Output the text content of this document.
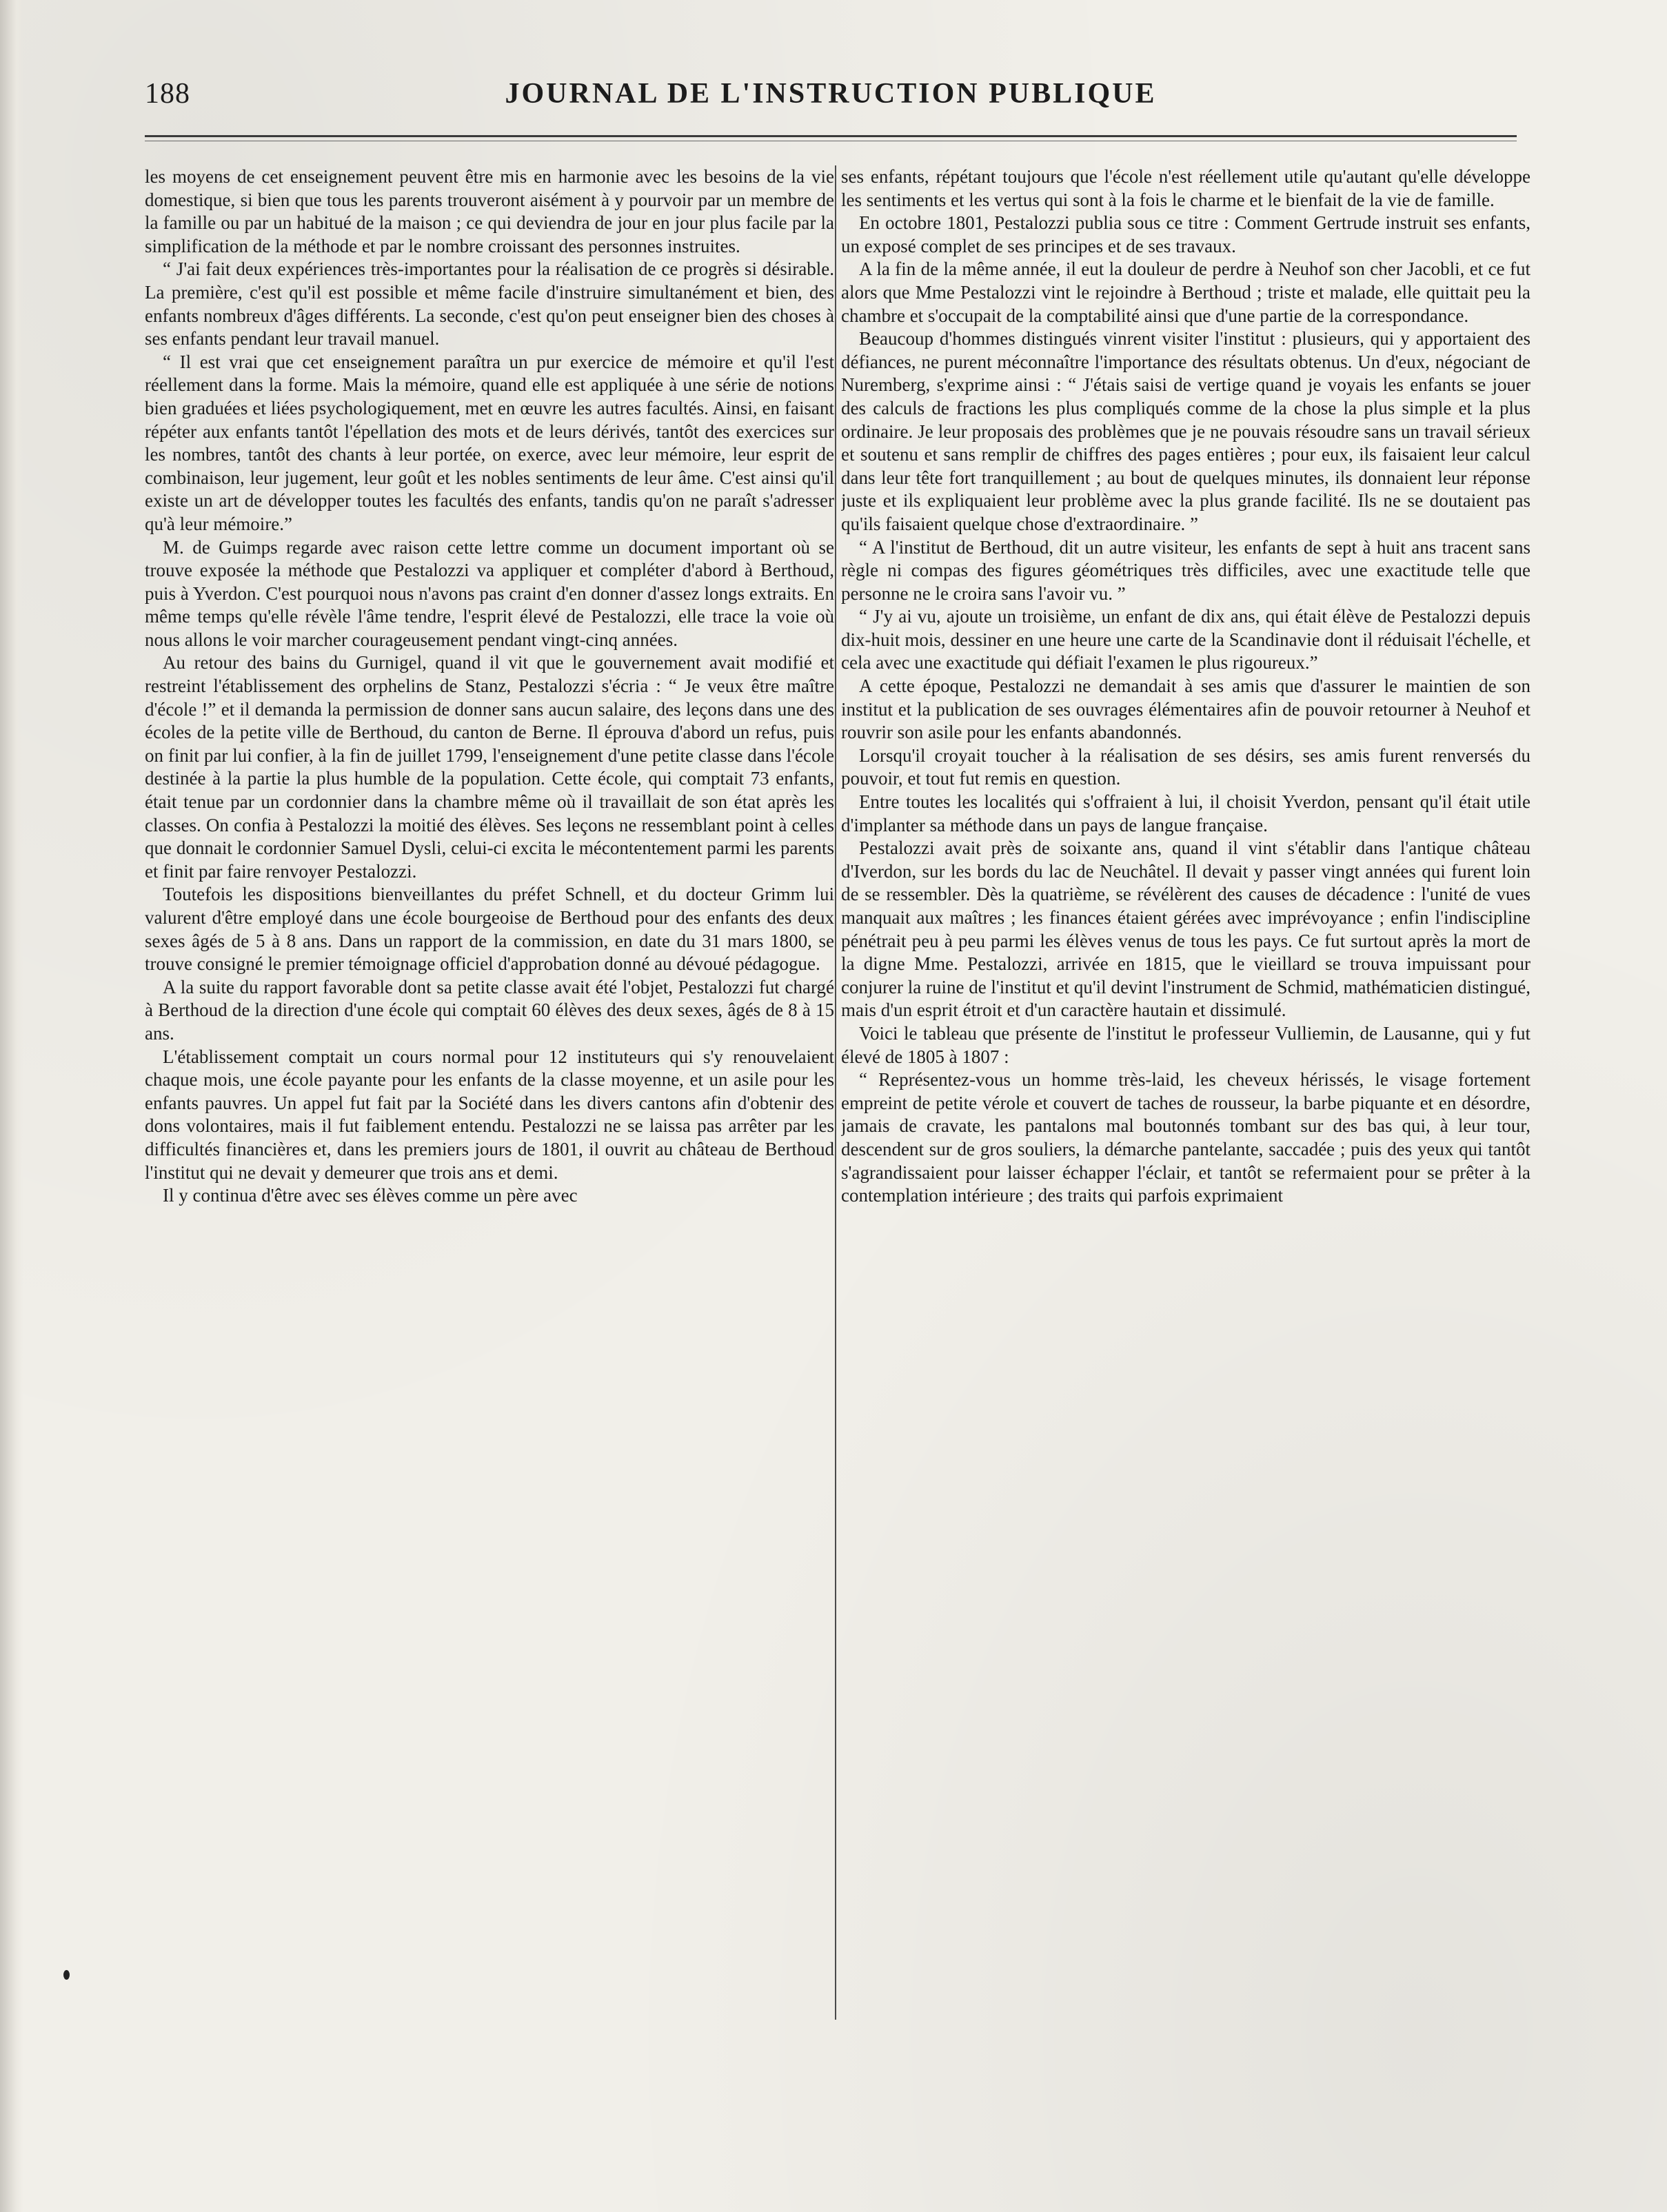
188	JOURNAL DE L'INSTRUCTION PUBLIQUE

les moyens de cet enseignement peuvent être mis en harmonie avec les besoins de la vie domestique, si bien que tous les parents trouveront aisément à y pourvoir par un membre de la famille ou par un habitué de la maison ; ce qui deviendra de jour en jour plus facile par la simplification de la méthode et par le nombre croissant des personnes instruites.

“ J'ai fait deux expériences très-importantes pour la réalisation de ce progrès si désirable. La première, c'est qu'il est possible et même facile d'instruire simultanément et bien, des enfants nombreux d'âges différents. La seconde, c'est qu'on peut enseigner bien des choses à ses enfants pendant leur travail manuel.

“ Il est vrai que cet enseignement paraîtra un pur exercice de mémoire et qu'il l'est réellement dans la forme. Mais la mémoire, quand elle est appliquée à une série de notions bien graduées et liées psychologiquement, met en œuvre les autres facultés. Ainsi, en faisant répéter aux enfants tantôt l'épellation des mots et de leurs dérivés, tantôt des exercices sur les nombres, tantôt des chants à leur portée, on exerce, avec leur mémoire, leur esprit de combinaison, leur jugement, leur goût et les nobles sentiments de leur âme. C'est ainsi qu'il existe un art de développer toutes les facultés des enfants, tandis qu'on ne paraît s'adresser qu'à leur mémoire.”

M. de Guimps regarde avec raison cette lettre comme un document important où se trouve exposée la méthode que Pestalozzi va appliquer et compléter d'abord à Berthoud, puis à Yverdon. C'est pourquoi nous n'avons pas craint d'en donner d'assez longs extraits. En même temps qu'elle révèle l'âme tendre, l'esprit élevé de Pestalozzi, elle trace la voie où nous allons le voir marcher courageusement pendant vingt-cinq années.

Au retour des bains du Gurnigel, quand il vit que le gouvernement avait modifié et restreint l'établissement des orphelins de Stanz, Pestalozzi s'écria : “ Je veux être maître d'école !” et il demanda la permission de donner sans aucun salaire, des leçons dans une des écoles de la petite ville de Berthoud, du canton de Berne. Il éprouva d'abord un refus, puis on finit par lui confier, à la fin de juillet 1799, l'enseignement d'une petite classe dans l'école destinée à la partie la plus humble de la population. Cette école, qui comptait 73 enfants, était tenue par un cordonnier dans la chambre même où il travaillait de son état après les classes. On confia à Pestalozzi la moitié des élèves. Ses leçons ne ressemblant point à celles que donnait le cordonnier Samuel Dysli, celui-ci excita le mécontentement parmi les parents et finit par faire renvoyer Pestalozzi.

Toutefois les dispositions bienveillantes du préfet Schnell, et du docteur Grimm lui valurent d'être employé dans une école bourgeoise de Berthoud pour des enfants des deux sexes âgés de 5 à 8 ans. Dans un rapport de la commission, en date du 31 mars 1800, se trouve consigné le premier témoignage officiel d'approbation donné au dévoué pédagogue.

A la suite du rapport favorable dont sa petite classe avait été l'objet, Pestalozzi fut chargé à Berthoud de la direction d'une école qui comptait 60 élèves des deux sexes, âgés de 8 à 15 ans.

L'établissement comptait un cours normal pour 12 instituteurs qui s'y renouvelaient chaque mois, une école payante pour les enfants de la classe moyenne, et un asile pour les enfants pauvres. Un appel fut fait par la Société dans les divers cantons afin d'obtenir des dons volontaires, mais il fut faiblement entendu. Pestalozzi ne se laissa pas arrêter par les difficultés financières et, dans les premiers jours de 1801, il ouvrit au château de Berthoud l'institut qui ne devait y demeurer que trois ans et demi.

Il y continua d'être avec ses élèves comme un père avec

ses enfants, répétant toujours que l'école n'est réellement utile qu'autant qu'elle développe les sentiments et les vertus qui sont à la fois le charme et le bienfait de la vie de famille.

En octobre 1801, Pestalozzi publia sous ce titre : Comment Gertrude instruit ses enfants, un exposé complet de ses principes et de ses travaux.

A la fin de la même année, il eut la douleur de perdre à Neuhof son cher Jacobli, et ce fut alors que Mme Pestalozzi vint le rejoindre à Berthoud ; triste et malade, elle quittait peu la chambre et s'occupait de la comptabilité ainsi que d'une partie de la correspondance.

Beaucoup d'hommes distingués vinrent visiter l'institut : plusieurs, qui y apportaient des défiances, ne purent méconnaître l'importance des résultats obtenus. Un d'eux, négociant de Nuremberg, s'exprime ainsi : “ J'étais saisi de vertige quand je voyais les enfants se jouer des calculs de fractions les plus compliqués comme de la chose la plus simple et la plus ordinaire. Je leur proposais des problèmes que je ne pouvais résoudre sans un travail sérieux et soutenu et sans remplir de chiffres des pages entières ; pour eux, ils faisaient leur calcul dans leur tête fort tranquillement ; au bout de quelques minutes, ils donnaient leur réponse juste et ils expliquaient leur problème avec la plus grande facilité. Ils ne se doutaient pas qu'ils faisaient quelque chose d'extraordinaire. ”

“ A l'institut de Berthoud, dit un autre visiteur, les enfants de sept à huit ans tracent sans règle ni compas des figures géométriques très difficiles, avec une exactitude telle que personne ne le croira sans l'avoir vu. ”

“ J'y ai vu, ajoute un troisième, un enfant de dix ans, qui était élève de Pestalozzi depuis dix-huit mois, dessiner en une heure une carte de la Scandinavie dont il réduisait l'échelle, et cela avec une exactitude qui défiait l'examen le plus rigoureux.”

A cette époque, Pestalozzi ne demandait à ses amis que d'assurer le maintien de son institut et la publication de ses ouvrages élémentaires afin de pouvoir retourner à Neuhof et rouvrir son asile pour les enfants abandonnés.

Lorsqu'il croyait toucher à la réalisation de ses désirs, ses amis furent renversés du pouvoir, et tout fut remis en question.

Entre toutes les localités qui s'offraient à lui, il choisit Yverdon, pensant qu'il était utile d'implanter sa méthode dans un pays de langue française.

Pestalozzi avait près de soixante ans, quand il vint s'établir dans l'antique château d'Iverdon, sur les bords du lac de Neuchâtel. Il devait y passer vingt années qui furent loin de se ressembler. Dès la quatrième, se révélèrent des causes de décadence : l'unité de vues manquait aux maîtres ; les finances étaient gérées avec imprévoyance ; enfin l'indiscipline pénétrait peu à peu parmi les élèves venus de tous les pays. Ce fut surtout après la mort de la digne Mme. Pestalozzi, arrivée en 1815, que le vieillard se trouva impuissant pour conjurer la ruine de l'institut et qu'il devint l'instrument de Schmid, mathématicien distingué, mais d'un esprit étroit et d'un caractère hautain et dissimulé.

Voici le tableau que présente de l'institut le professeur Vulliemin, de Lausanne, qui y fut élevé de 1805 à 1807 :

“ Représentez-vous un homme très-laid, les cheveux hérissés, le visage fortement empreint de petite vérole et couvert de taches de rousseur, la barbe piquante et en désordre, jamais de cravate, les pantalons mal boutonnés tombant sur des bas qui, à leur tour, descendent sur de gros souliers, la démarche pantelante, saccadée ; puis des yeux qui tantôt s'agrandissaient pour laisser échapper l'éclair, et tantôt se refermaient pour se prêter à la contemplation intérieure ; des traits qui parfois exprimaient
